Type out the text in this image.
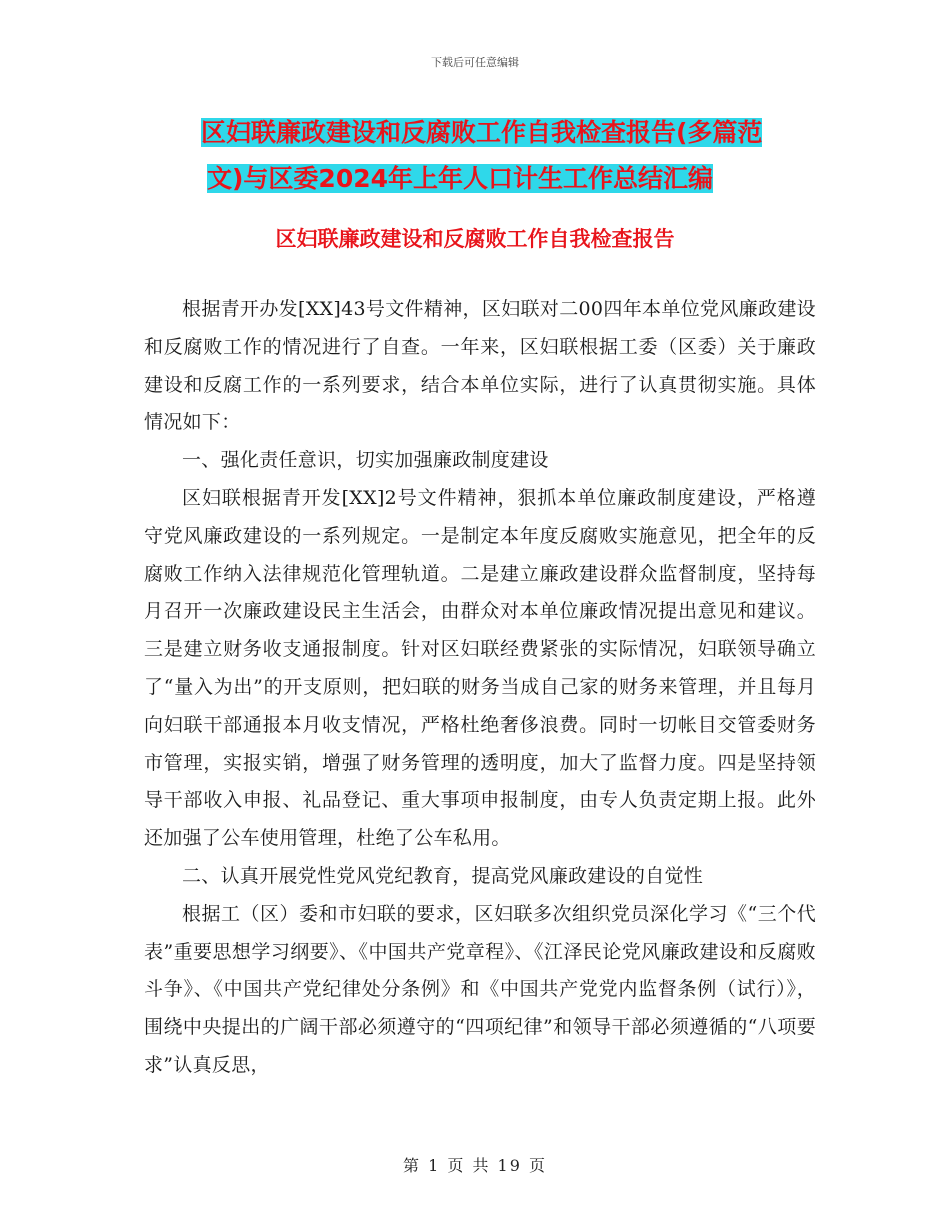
下载后可任意编辑
区妇联廉政建设和反腐败工作自我检查报告(多篇范
文)与区委2024年上年人口计生工作总结汇编
区妇联廉政建设和反腐败工作自我检查报告

根据青开办发[XX]43号文件精神，区妇联对二00四年本单位党风廉政建设和反腐败工作的情况进行了自查。一年来，区妇联根据工委（区委）关于廉政建设和反腐工作的一系列要求，结合本单位实际，进行了认真贯彻实施。具体情况如下：

一、强化责任意识，切实加强廉政制度建设

区妇联根据青开发[XX]2号文件精神，狠抓本单位廉政制度建设，严格遵守党风廉政建设的一系列规定。一是制定本年度反腐败实施意见，把全年的反腐败工作纳入法律规范化管理轨道。二是建立廉政建设群众监督制度，坚持每月召开一次廉政建设民主生活会，由群众对本单位廉政情况提出意见和建议。三是建立财务收支通报制度。针对区妇联经费紧张的实际情况，妇联领导确立了“量入为出”的开支原则，把妇联的财务当成自己家的财务来管理，并且每月向妇联干部通报本月收支情况，严格杜绝奢侈浪费。同时一切帐目交管委财务市管理，实报实销，增强了财务管理的透明度，加大了监督力度。四是坚持领导干部收入申报、礼品登记、重大事项申报制度，由专人负责定期上报。此外还加强了公车使用管理，杜绝了公车私用。

二、认真开展党性党风党纪教育，提高党风廉政建设的自觉性

根据工（区）委和市妇联的要求，区妇联多次组织党员深化学习《“三个代表”重要思想学习纲要》、《中国共产党章程》、《江泽民论党风廉政建设和反腐败斗争》、《中国共产党纪律处分条例》和《中国共产党党内监督条例（试行）》，围绕中央提出的广阔干部必须遵守的“四项纪律”和领导干部必须遵循的“八项要求”认真反思，

第 1 页 共 19 页
